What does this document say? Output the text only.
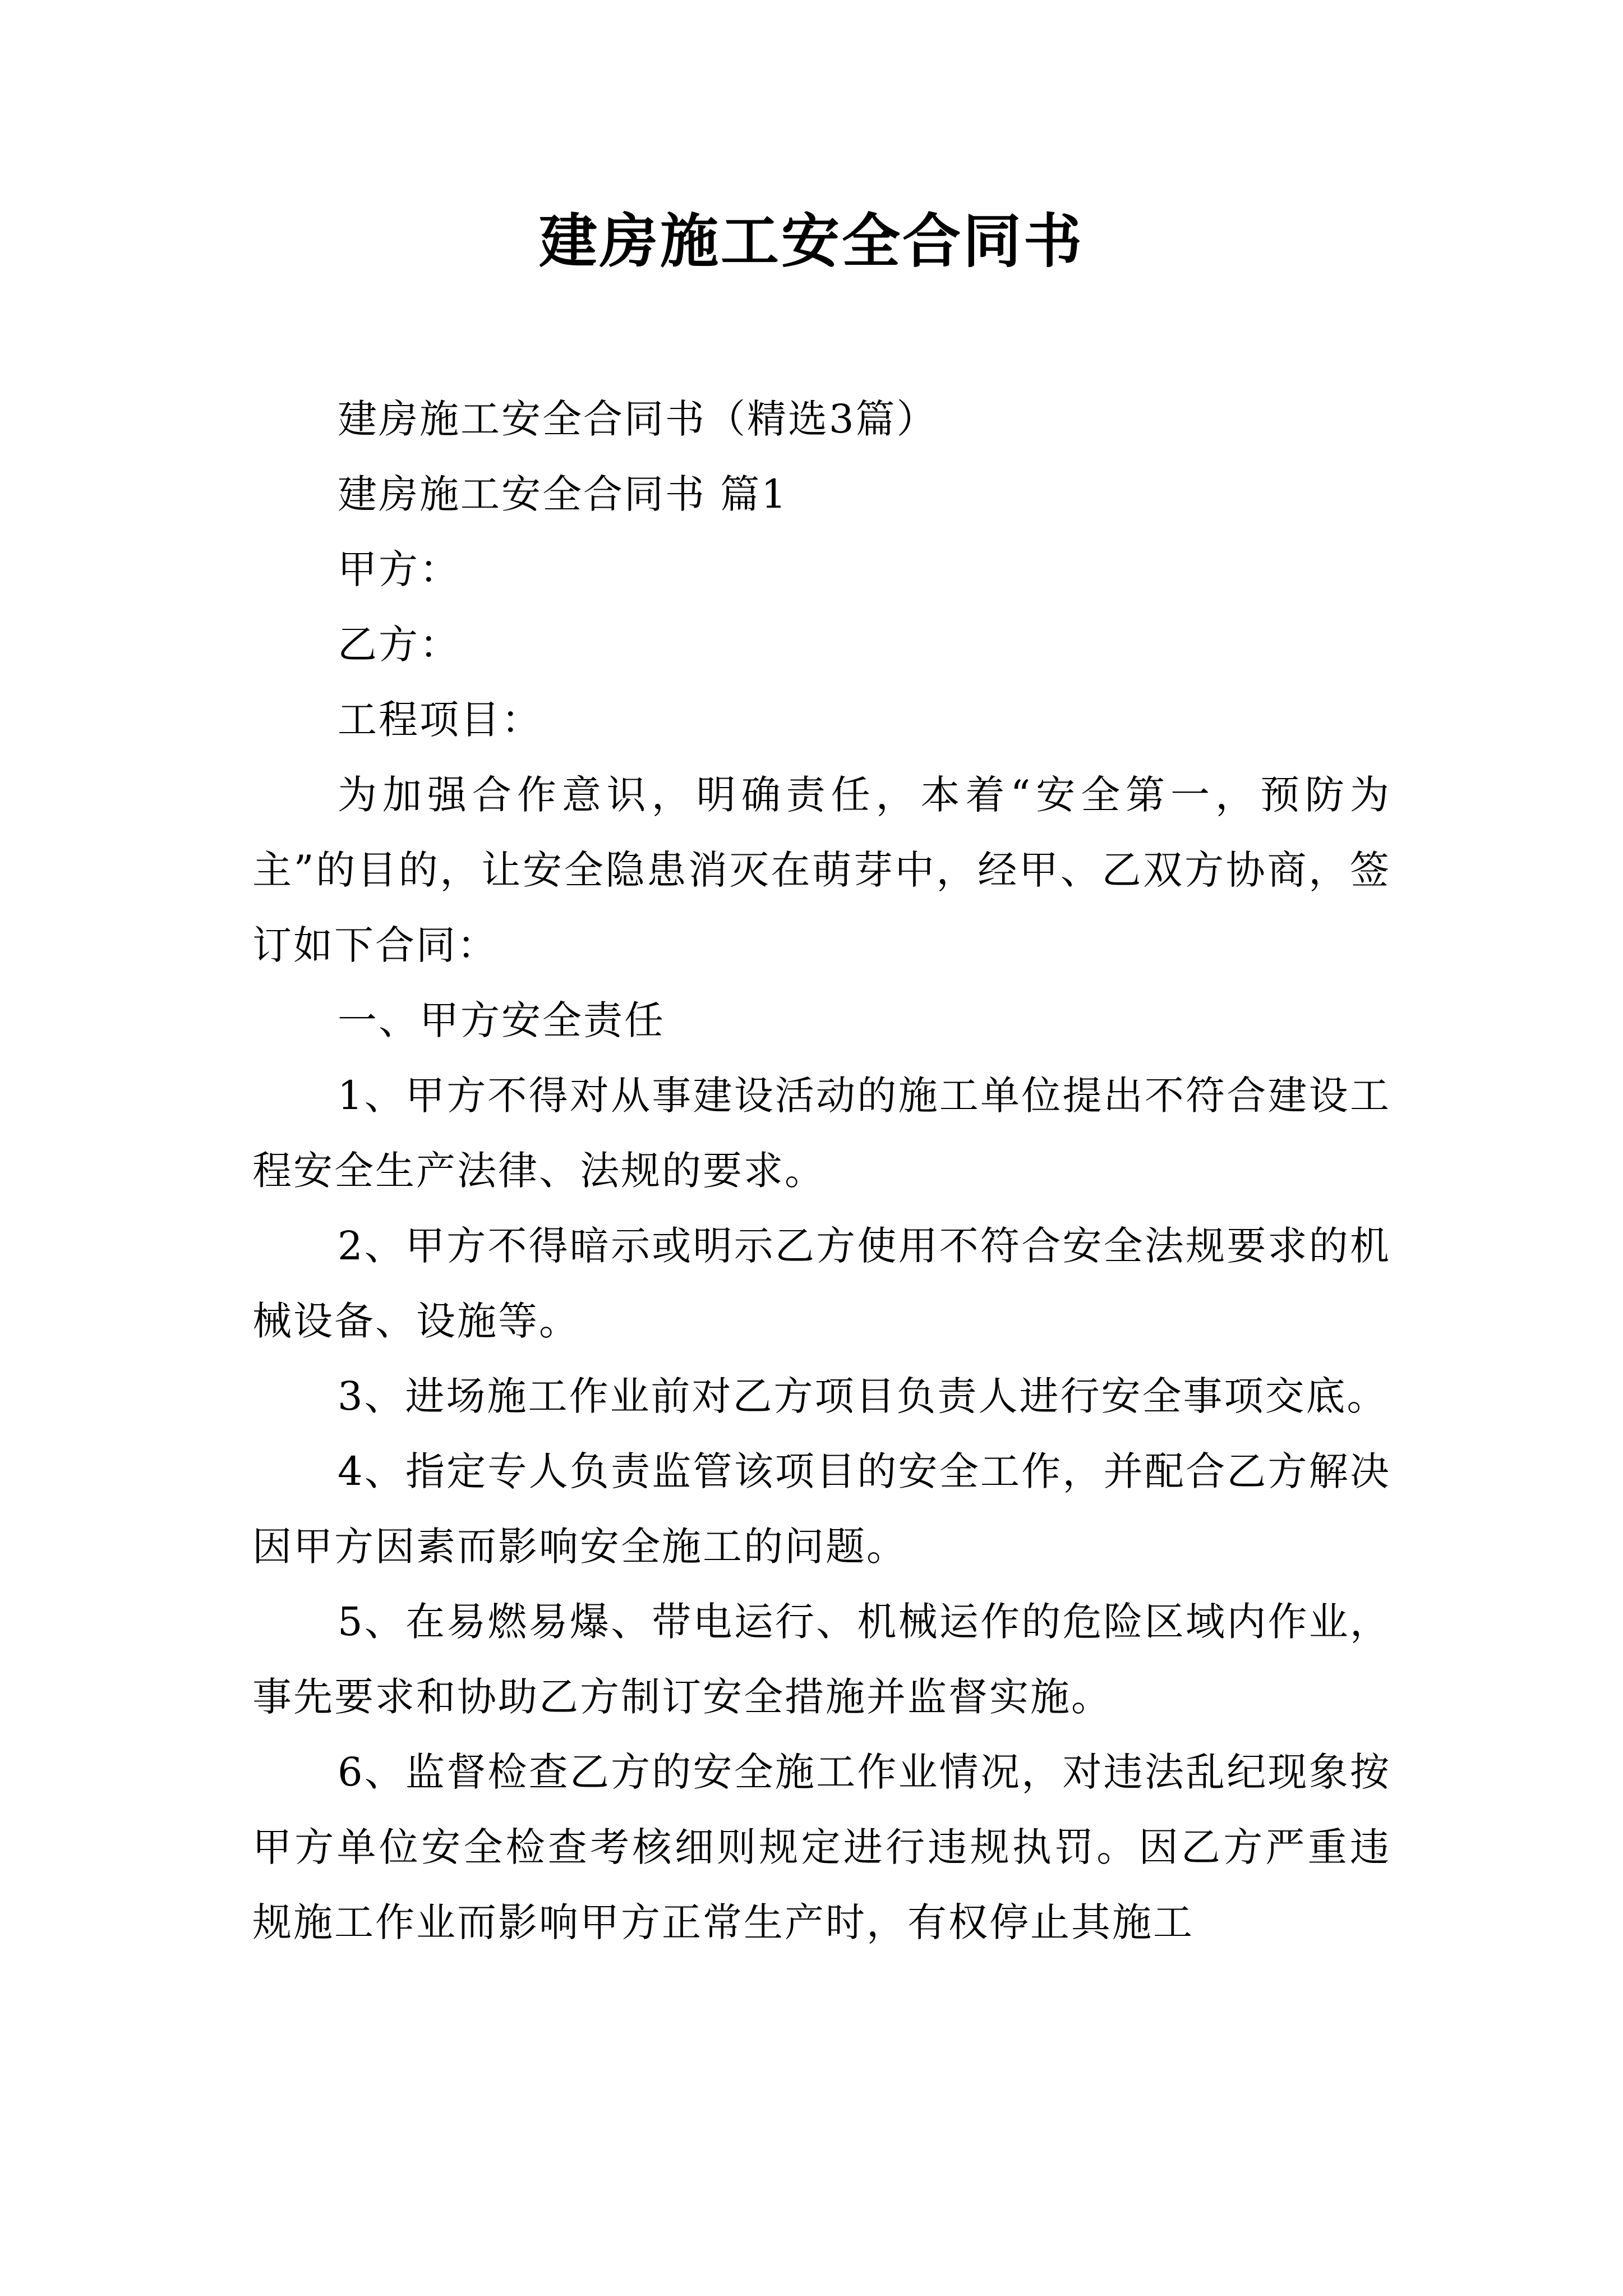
建房施工安全合同书

建房施工安全合同书（精选3篇）

建房施工安全合同书 篇1

甲方：

乙方：

工程项目：

为加强合作意识，明确责任，本着“安全第一，预防为主”的目的，让安全隐患消灭在萌芽中，经甲、乙双方协商，签订如下合同：

一、甲方安全责任

1、甲方不得对从事建设活动的施工单位提出不符合建设工程安全生产法律、法规的要求。

2、甲方不得暗示或明示乙方使用不符合安全法规要求的机械设备、设施等。

3、进场施工作业前对乙方项目负责人进行安全事项交底。

4、指定专人负责监管该项目的安全工作，并配合乙方解决因甲方因素而影响安全施工的问题。

5、在易燃易爆、带电运行、机械运作的危险区域内作业，事先要求和协助乙方制订安全措施并监督实施。

6、监督检查乙方的安全施工作业情况，对违法乱纪现象按甲方单位安全检查考核细则规定进行违规执罚。因乙方严重违规施工作业而影响甲方正常生产时，有权停止其施工
